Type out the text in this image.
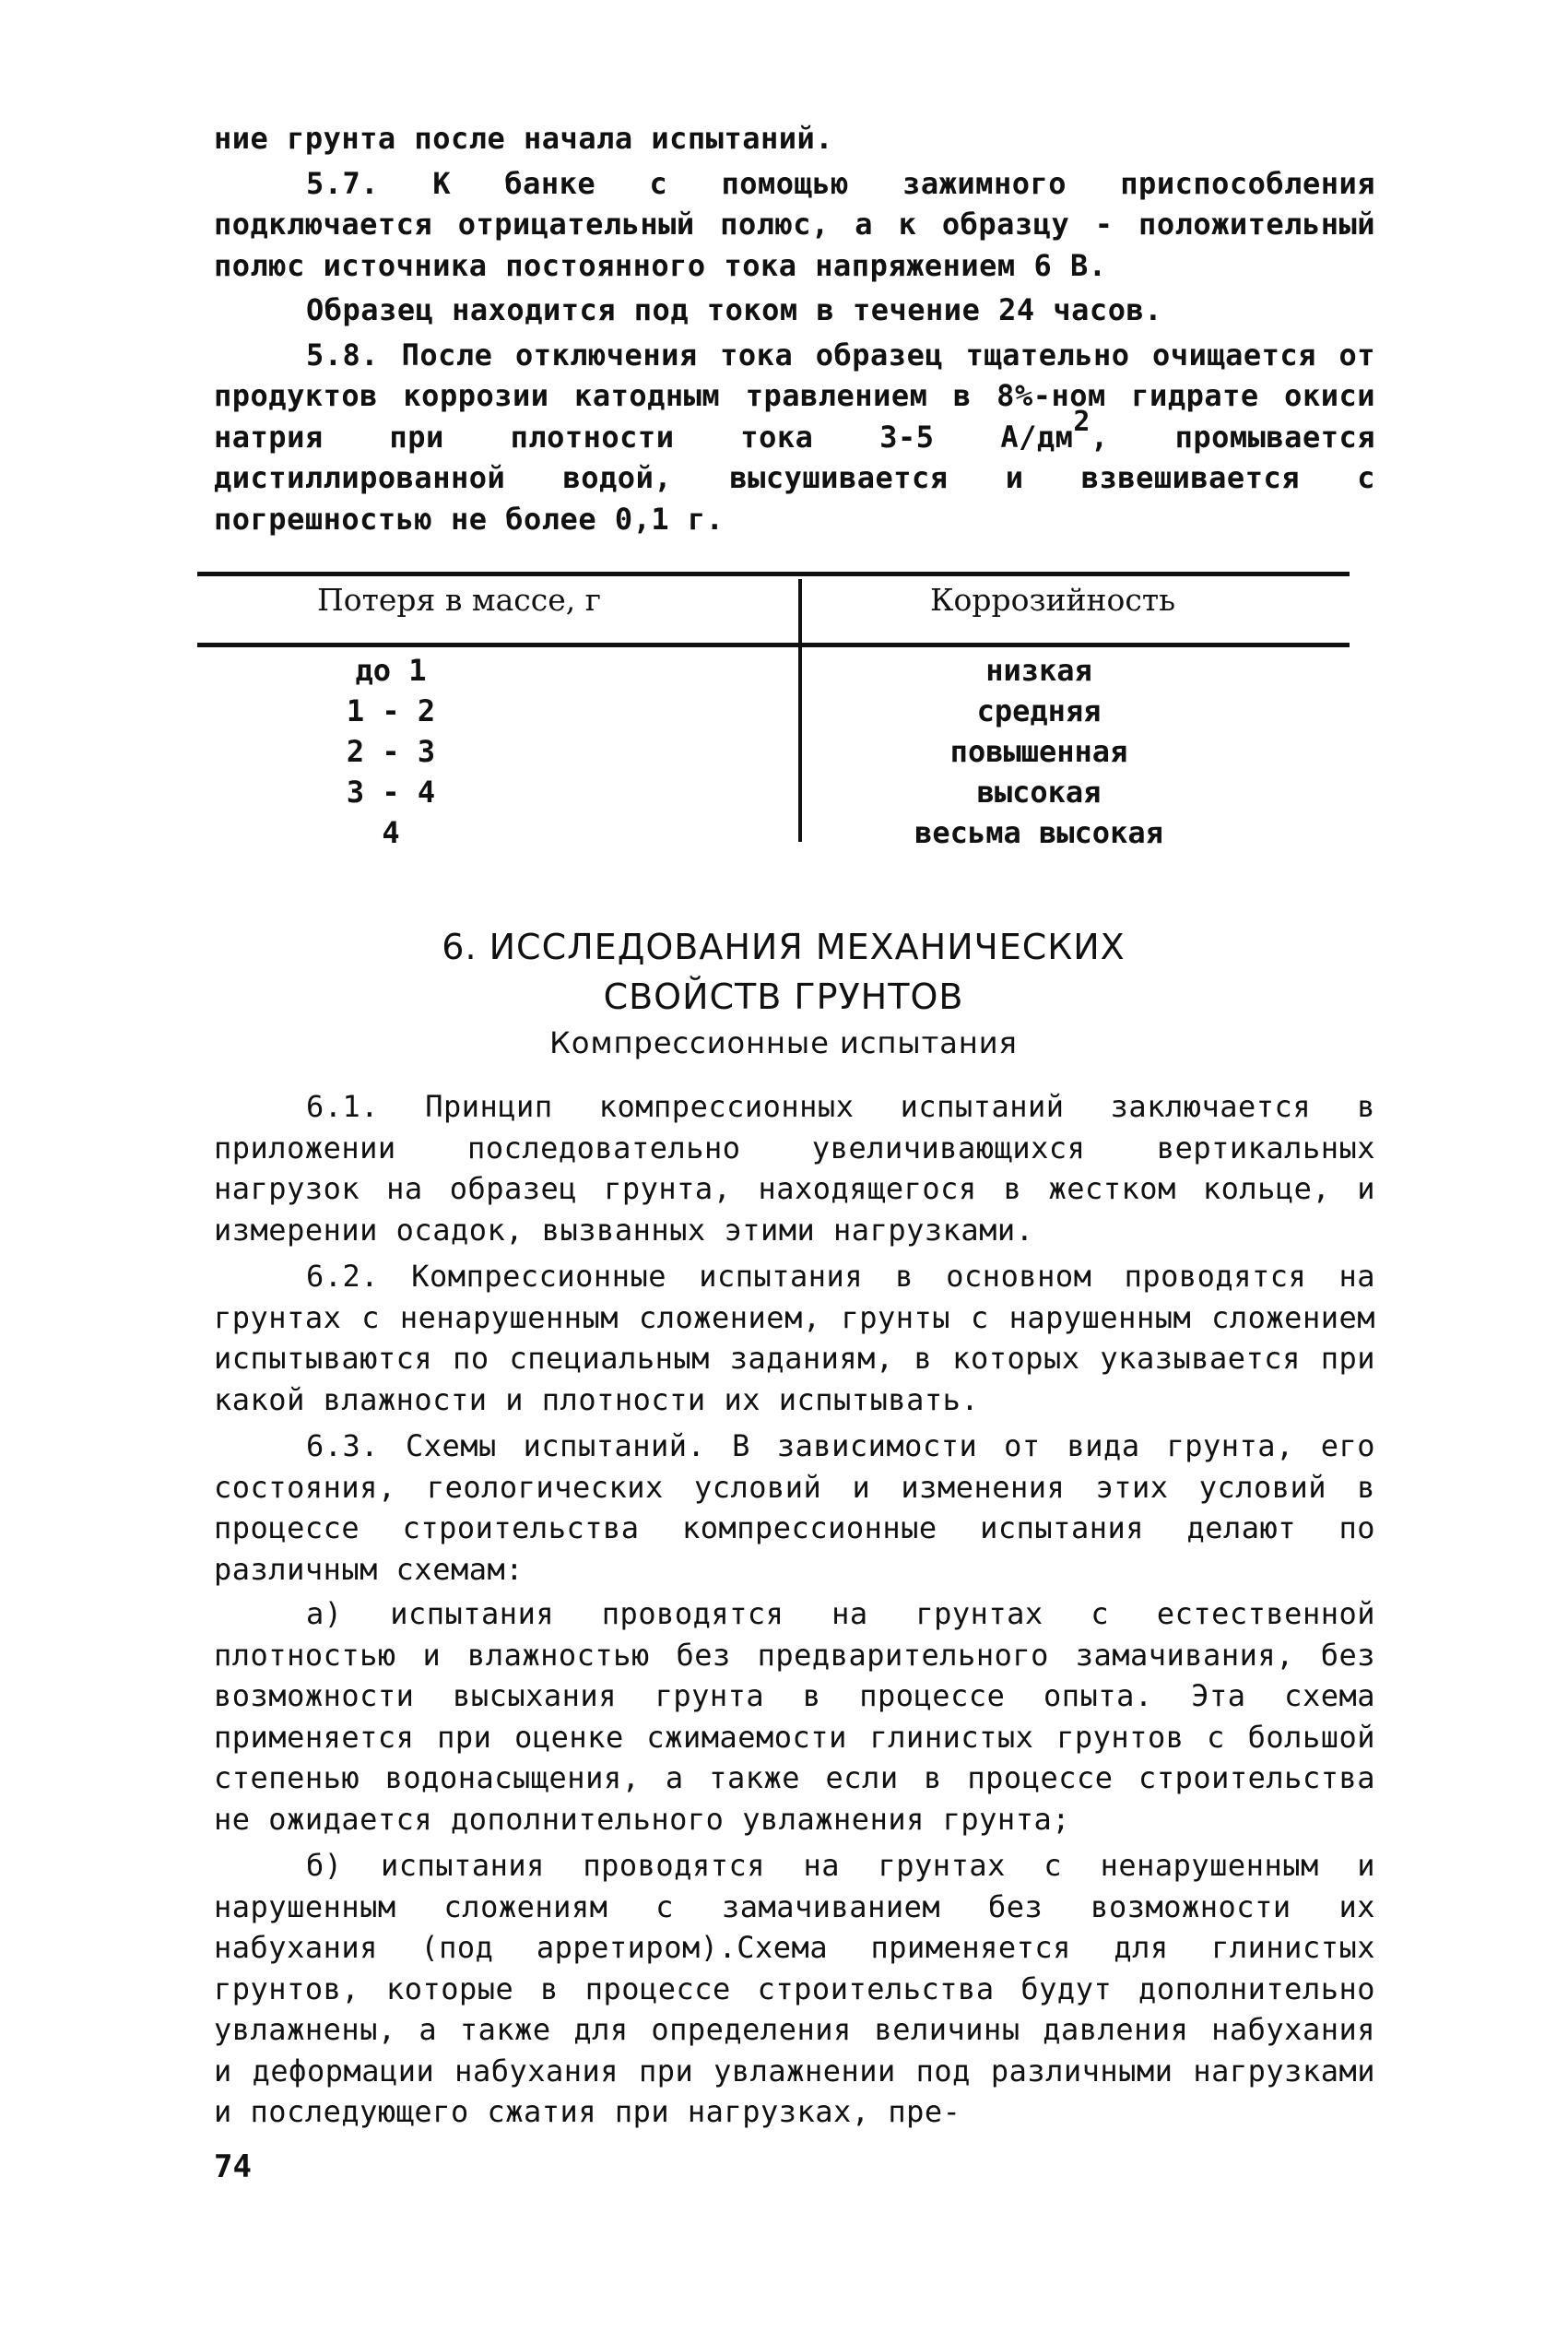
ние грунта после начала испытаний.

5.7. К банке с помощью зажимного приспособления подключается отрицательный полюс, а к образцу - положительный полюс источника постоянного тока напряжением 6 В.

Образец находится под током в течение 24 часов.

5.8. После отключения тока образец тщательно очищается от продуктов коррозии катодным травлением в 8%-ном гидрате окиси натрия при плотности тока 3-5 $А/дм^2$, промывается дистиллированной водой, высушивается и взвешивается с погрешностью не более 0,1 г.

Потеря в массе, г	Коррозийность
до 1	низкая
1 - 2	средняя
2 - 3	повышенная
3 - 4	высокая
4	весьма высокая
6. ИССЛЕДОВАНИЯ МЕХАНИЧЕСКИХ
СВОЙСТВ ГРУНТОВ
Компрессионные испытания

6.1. Принцип компрессионных испытаний заключается в приложении последовательно увеличивающихся вертикальных нагрузок на образец грунта, находящегося в жестком кольце, и измерении осадок, вызванных этими нагрузками.

6.2. Компрессионные испытания в основном проводятся на грунтах с ненарушенным сложением, грунты с нарушенным сложением испытываются по специальным заданиям, в которых указывается при какой влажности и плотности их испытывать.

6.3. Схемы испытаний. В зависимости от вида грунта, его состояния, геологических условий и изменения этих условий в процессе строительства компрессионные испытания делают по различным схемам:

а) испытания проводятся на грунтах с естественной плотностью и влажностью без предварительного замачивания, без возможности высыхания грунта в процессе опыта. Эта схема применяется при оценке сжимаемости глинистых грунтов с большой степенью водонасыщения, а также если в процессе строительства не ожидается дополнительного увлажнения грунта;

б) испытания проводятся на грунтах с ненарушенным и нарушенным сложениям с замачиванием без возможности их набухания (под арретиром).Схема применяется для глинистых грунтов, которые в процессе строительства будут дополнительно увлажнены, а также для определения величины давления набухания и деформации набухания при увлажнении под различными нагрузками и последующего сжатия при нагрузках, пре-

74
